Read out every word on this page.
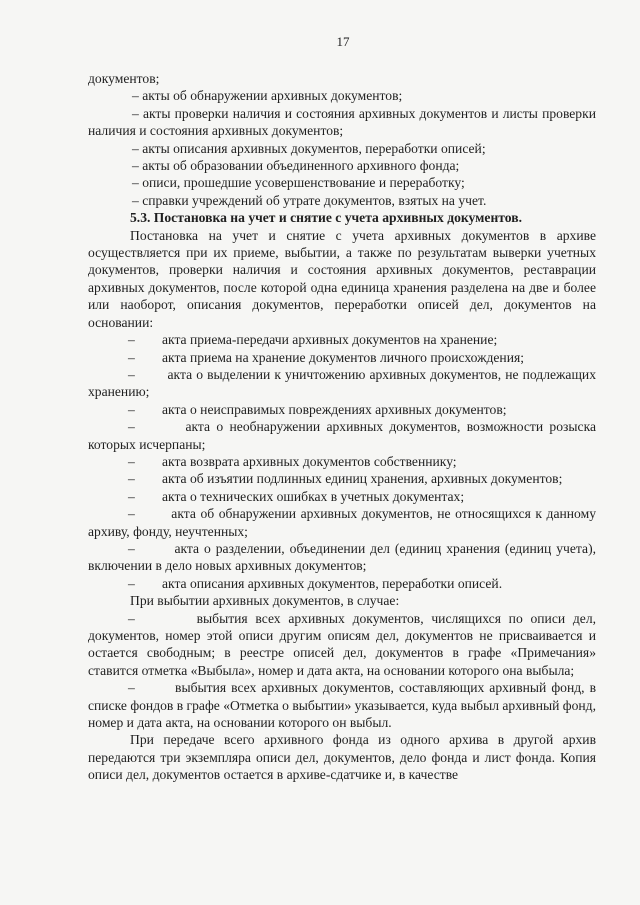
17

документов;

– акты об обнаружении архивных документов;

– акты проверки наличия и состояния архивных документов и листы проверки наличия и состояния архивных документов;

– акты описания архивных документов, переработки описей;

– акты об образовании объединенного архивного фонда;

– описи, прошедшие усовершенствование и переработку;

– справки учреждений об утрате документов, взятых на учет.

5.3. Постановка на учет и снятие с учета архивных документов.

Постановка на учет и снятие с учета архивных документов в архиве осуществляется при их приеме, выбытии, а также по результатам выверки учетных документов, проверки наличия и состояния архивных документов, реставрации архивных документов, после которой одна единица хранения разделена на две и более или наоборот, описания документов, переработки описей дел, документов на основании:

–        акта приема-передачи архивных документов на хранение;

–        акта приема на хранение документов личного происхождения;

–        акта о выделении к уничтожению архивных документов, не подлежащих хранению;

–        акта о неисправимых повреждениях архивных документов;

–        акта о необнаружении архивных документов, возможности розыска которых исчерпаны;

–        акта возврата архивных документов собственнику;

–        акта об изъятии подлинных единиц хранения, архивных документов;

–        акта о технических ошибках в учетных документах;

–        акта об обнаружении архивных документов, не относящихся к данному архиву, фонду, неучтенных;

–        акта о разделении, объединении дел (единиц хранения (единиц учета), включении в дело новых архивных документов;

–        акта описания архивных документов, переработки описей.

При выбытии архивных документов, в случае:

–        выбытия всех архивных документов, числящихся по описи дел, документов, номер этой описи другим описям дел, документов не присваивается и остается свободным; в реестре описей дел, документов в графе «Примечания» ставится отметка «Выбыла», номер и дата акта, на основании которого она выбыла;

–        выбытия всех архивных документов, составляющих архивный фонд, в списке фондов в графе «Отметка о выбытии» указывается, куда выбыл архивный фонд, номер и дата акта, на основании которого он выбыл.

При передаче всего архивного фонда из одного архива в другой архив передаются три экземпляра описи дел, документов, дело фонда и лист фонда. Копия описи дел, документов остается в архиве-сдатчике и, в качестве
